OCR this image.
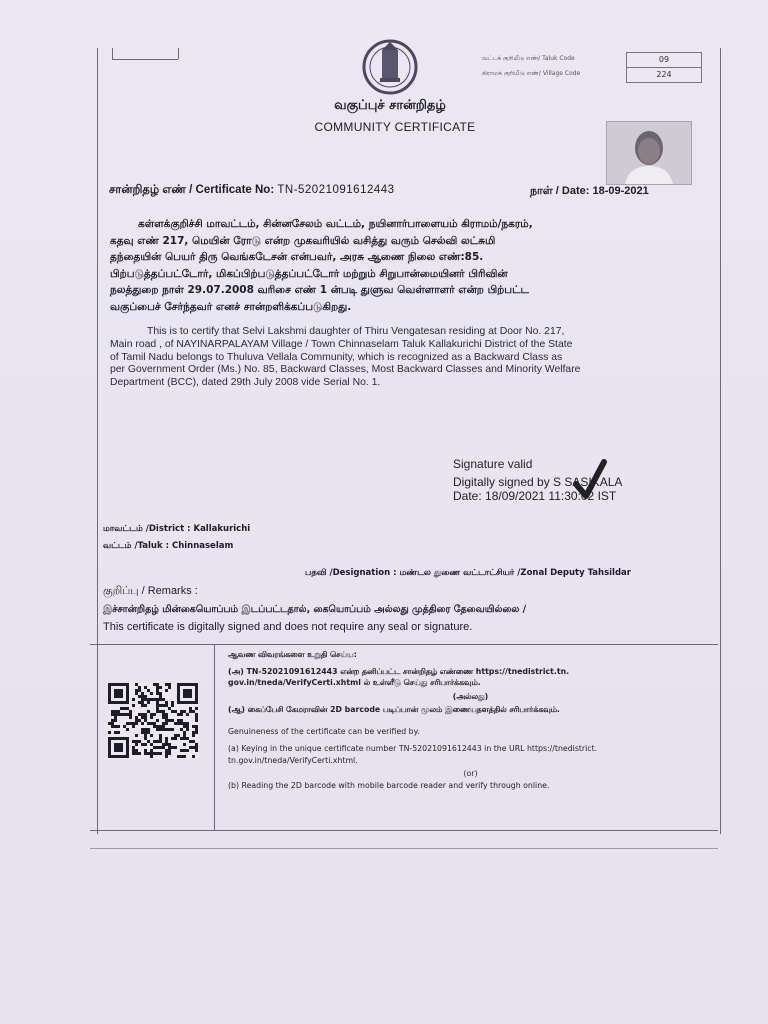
வட்டக் குறியீடு எண்/ Taluk Code
கிராமக் குறியீடு எண்/ Village Code
09
224
வகுப்புச் சான்றிதழ்
COMMUNITY CERTIFICATE
சான்றிதழ் எண் / Certificate No: TN-52021091612443	நாள் / Date: 18-09-2021
கள்ளக்குறிச்சி மாவட்டம், சின்னசேலம் வட்டம், நயினார்பாளையம் கிராமம்/நகரம்,
கதவு எண் 217, மெயின் ரோடு என்ற முகவரியில் வசித்து வரும் செல்வி லட்சுமி
தந்தையின் பெயர் திரு வெங்கடேசன் என்பவர், அரசு ஆணை நிலை எண்:85.
பிற்படுத்தப்பட்டோர், மிகப்பிற்படுத்தப்பட்டோர் மற்றும் சிறுபான்மையினர் பிரிவின்
நலத்துறை நாள் 29.07.2008 வரிசை எண் 1 ன்படி துளுவ வெள்ளாளர் என்ற பிற்பட்ட
வகுப்பைச் சேர்ந்தவர் எனச் சான்றளிக்கப்படுகிறது.
This is to certify that Selvi Lakshmi daughter of Thiru Vengatesan residing at Door No. 217,
Main road , of NAYINARPALAYAM Village / Town Chinnaselam Taluk Kallakurichi District of the State
of Tamil Nadu belongs to Thuluva Vellala Community, which is recognized as a Backward Class as
per Government Order (Ms.) No. 85, Backward Classes, Most Backward Classes and Minority Welfare
Department (BCC), dated 29th July 2008 vide Serial No. 1.
Signature valid
Digitally signed by S SASIKALA
Date: 18/09/2021 11:30:02 IST
மாவட்டம் /District : Kallakurichi
வட்டம் /Taluk : Chinnaselam
பதவி /Designation : மண்டல துணை வட்டாட்சியர் /Zonal Deputy Tahsildar
குறிப்பு / Remarks :
இச்சான்றிதழ் மின்கையொப்பம் இடப்பட்டதால், கையொப்பம் அல்லது முத்திரை தேவையில்லை /
This certificate is digitally signed and does not require any seal or signature.
ஆவண விவரங்களை உறுதி செய்ய:
(அ) TN-52021091612443 என்ற தனிப்பட்ட சான்றிதழ் எண்ணை https://tnedistrict.tn.
gov.in/tneda/VerifyCerti.xhtml ல் உள்ளீடு செய்து சரிபார்க்கவும்.
(அல்லது)
(ஆ) கைப்பேசி கேமராவின் 2D barcode படிப்பான் மூலம் இணையதளத்தில் சரிபார்க்கவும்.
Genuineness of the certificate can be verified by.
(a) Keying in the unique certificate number TN-52021091612443 in the URL https://tnedistrict.
tn.gov.in/tneda/VerifyCerti.xhtml.
(or)
(b) Reading the 2D barcode with mobile barcode reader and verify through online.
